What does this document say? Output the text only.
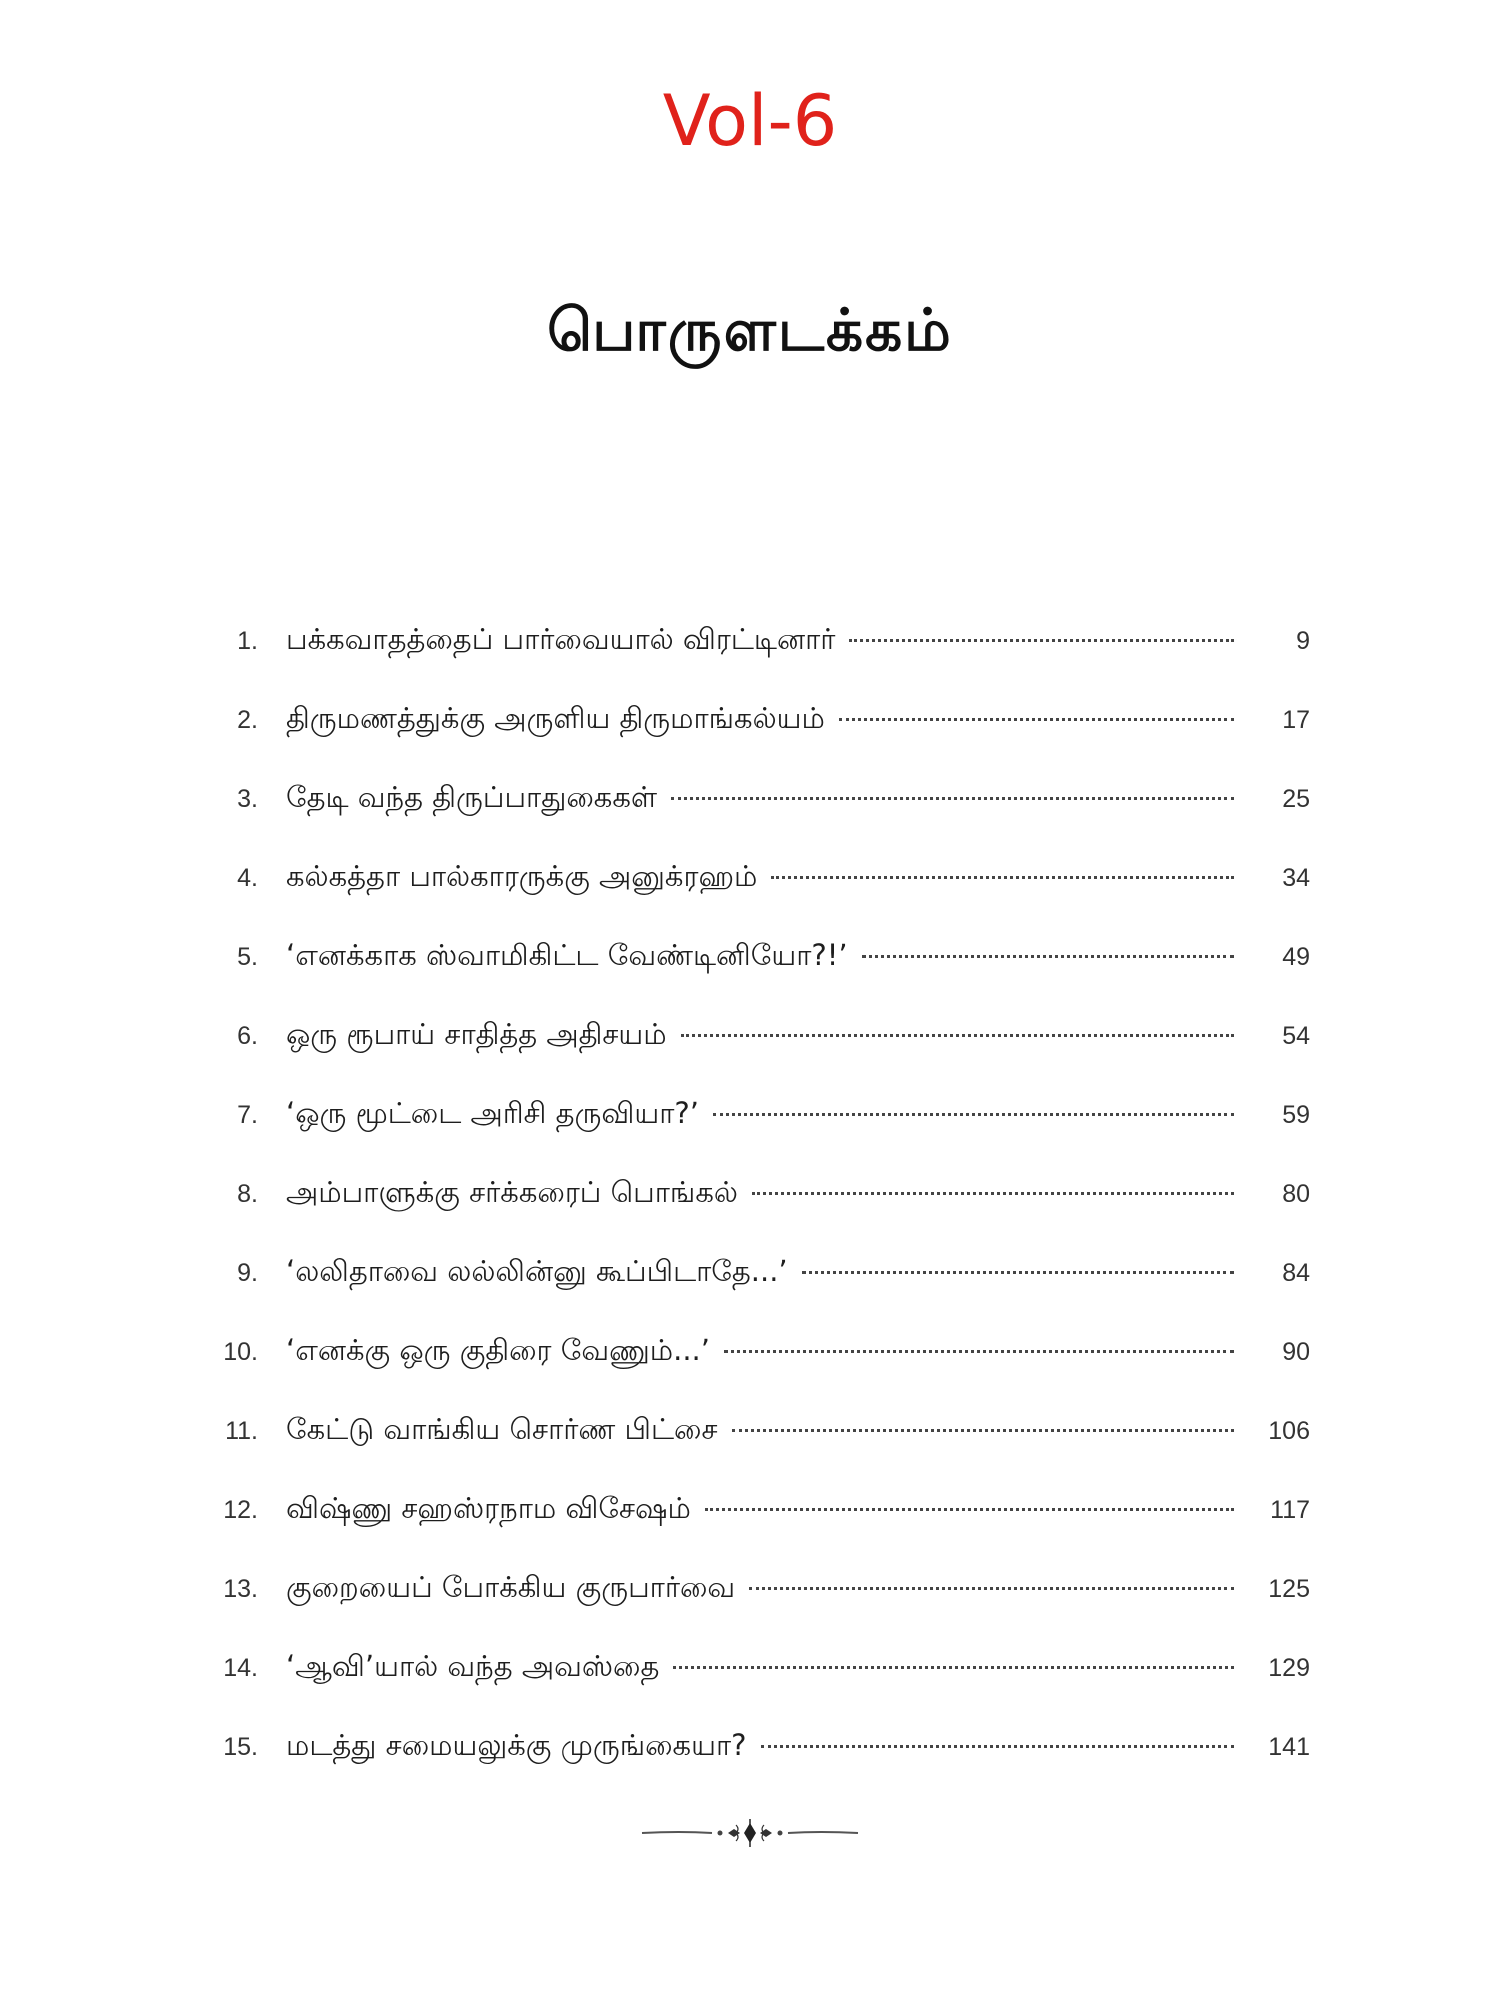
Vol-6
பொருளடக்கம்
1. பக்கவாதத்தைப் பார்வையால் விரட்டினார்	9
2. திருமணத்துக்கு அருளிய திருமாங்கல்யம்	17
3. தேடி வந்த திருப்பாதுகைகள்	25
4. கல்கத்தா பால்காரருக்கு அனுக்ரஹம்	34
5. ‘எனக்காக ஸ்வாமிகிட்ட வேண்டினியோ?!’	49
6. ஒரு ரூபாய் சாதித்த அதிசயம்	54
7. ‘ஒரு மூட்டை அரிசி தருவியா?’	59
8. அம்பாளுக்கு சர்க்கரைப் பொங்கல்	80
9. ‘லலிதாவை லல்லின்னு கூப்பிடாதே...’	84
10. ‘எனக்கு ஒரு குதிரை வேணும்...’	90
11. கேட்டு வாங்கிய சொர்ண பிட்சை	106
12. விஷ்ணு சஹஸ்ரநாம விசேஷம்	117
13. குறையைப் போக்கிய குருபார்வை	125
14. ‘ஆவி’யால் வந்த அவஸ்தை	129
15. மடத்து சமையலுக்கு முருங்கையா?	141
